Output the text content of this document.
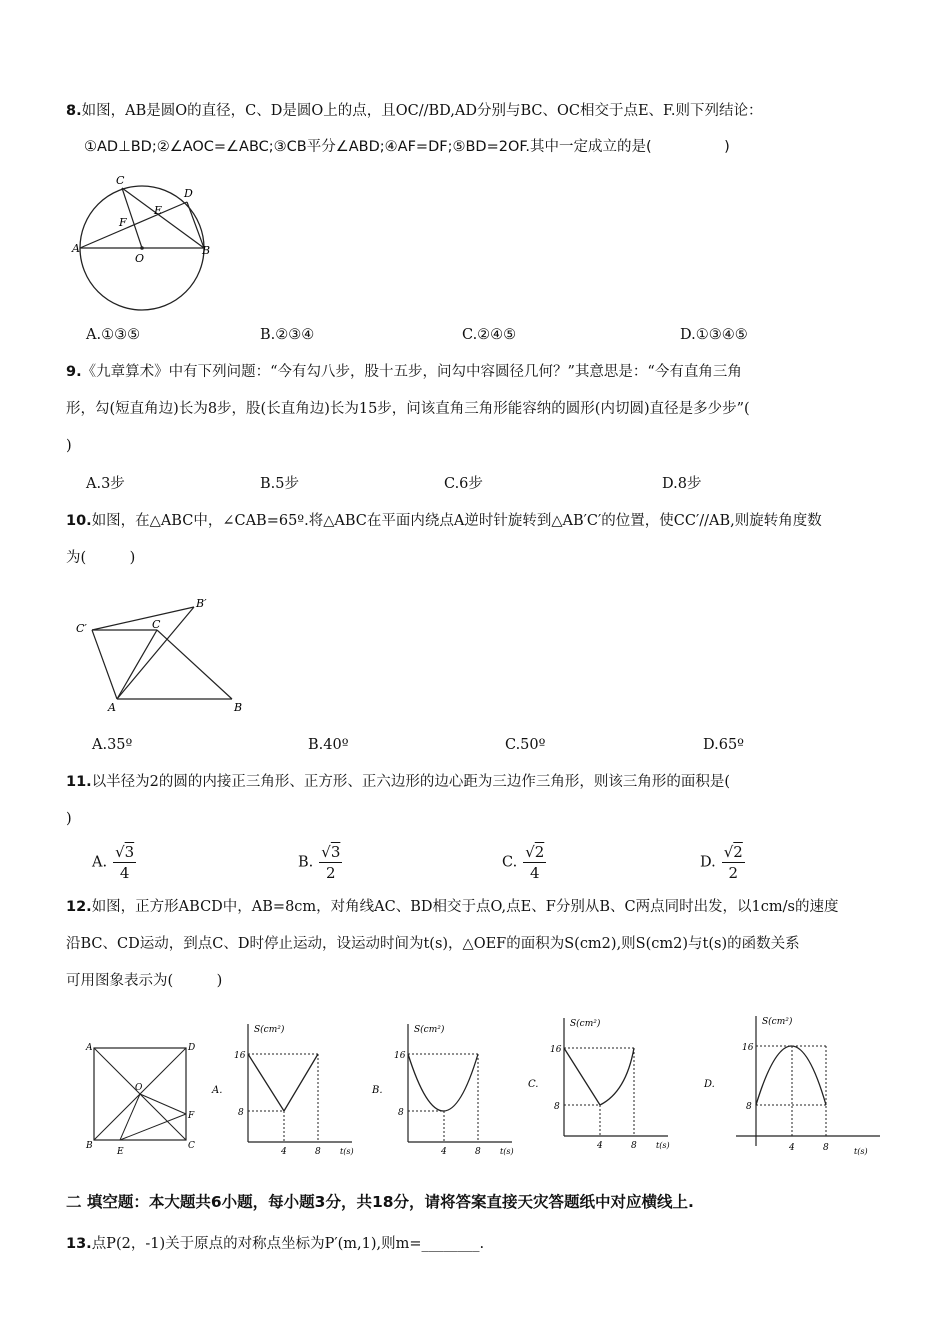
8.如图，AB是圆O的直径，C、D是圆O上的点，且OC//BD,AD分别与BC、OC相交于点E、F.则下列结论：
①AD⊥BD;②∠AOC=∠ABC;③CB平分∠ABD;④AF=DF;⑤BD=2OF.其中一定成立的是(　　　　　)
C
D
A	B
O
F
E
A.①③⑤	B.②③④	C.②④⑤	D.①③④⑤
9.《九章算术》中有下列问题：“今有勾八步，股十五步，问勾中容圆径几何？”其意思是：“今有直角三角
形，勾(短直角边)长为8步，股(长直角边)长为15步，问该直角三角形能容纳的圆形(内切圆)直径是多少步”(
)
A.3步	B.5步	C.6步	D.8步
10.如图，在△ABC中，∠CAB=65º.将△ABC在平面内绕点A逆时针旋转到△AB′C′的位置，使CC′//AB,则旋转角度数
为(　　　)
A	B
C
B′
C′
A.35º	B.40º	C.50º	D.65º
11.以半径为2的圆的内接正三角形、正方形、正六边形的边心距为三边作三角形，则该三角形的面积是(
)
A. $\frac{√3}{4}$	B. $\frac{√3}{2}$	C. $\frac{√2}{4}$	D. $\frac{√2}{2}$
12.如图，正方形ABCD中，AB=8cm，对角线AC、BD相交于点O,点E、F分别从B、C两点同时出发，以1cm/s的速度
沿BC、CD运动，到点C、D时停止运动，设运动时间为t(s)，△OEF的面积为S(cm2),则S(cm2)与t(s)的函数关系
可用图象表示为(　　　)
A	D
B	C
E
F
O	A.
S(cm²)
t(s)
16
8
4	8
B.
S(cm²)
t(s)
16
8
4	8
C.
S(cm²)
t(s)
16
8
4	8
D.
S(cm²)
t(s)
16
8
4	8
二 填空题：本大题共6小题，每小题3分，共18分，请将答案直接天灾答题纸中对应横线上.
13.点P(2，-1)关于原点的对称点坐标为P′(m,1),则m=________.
